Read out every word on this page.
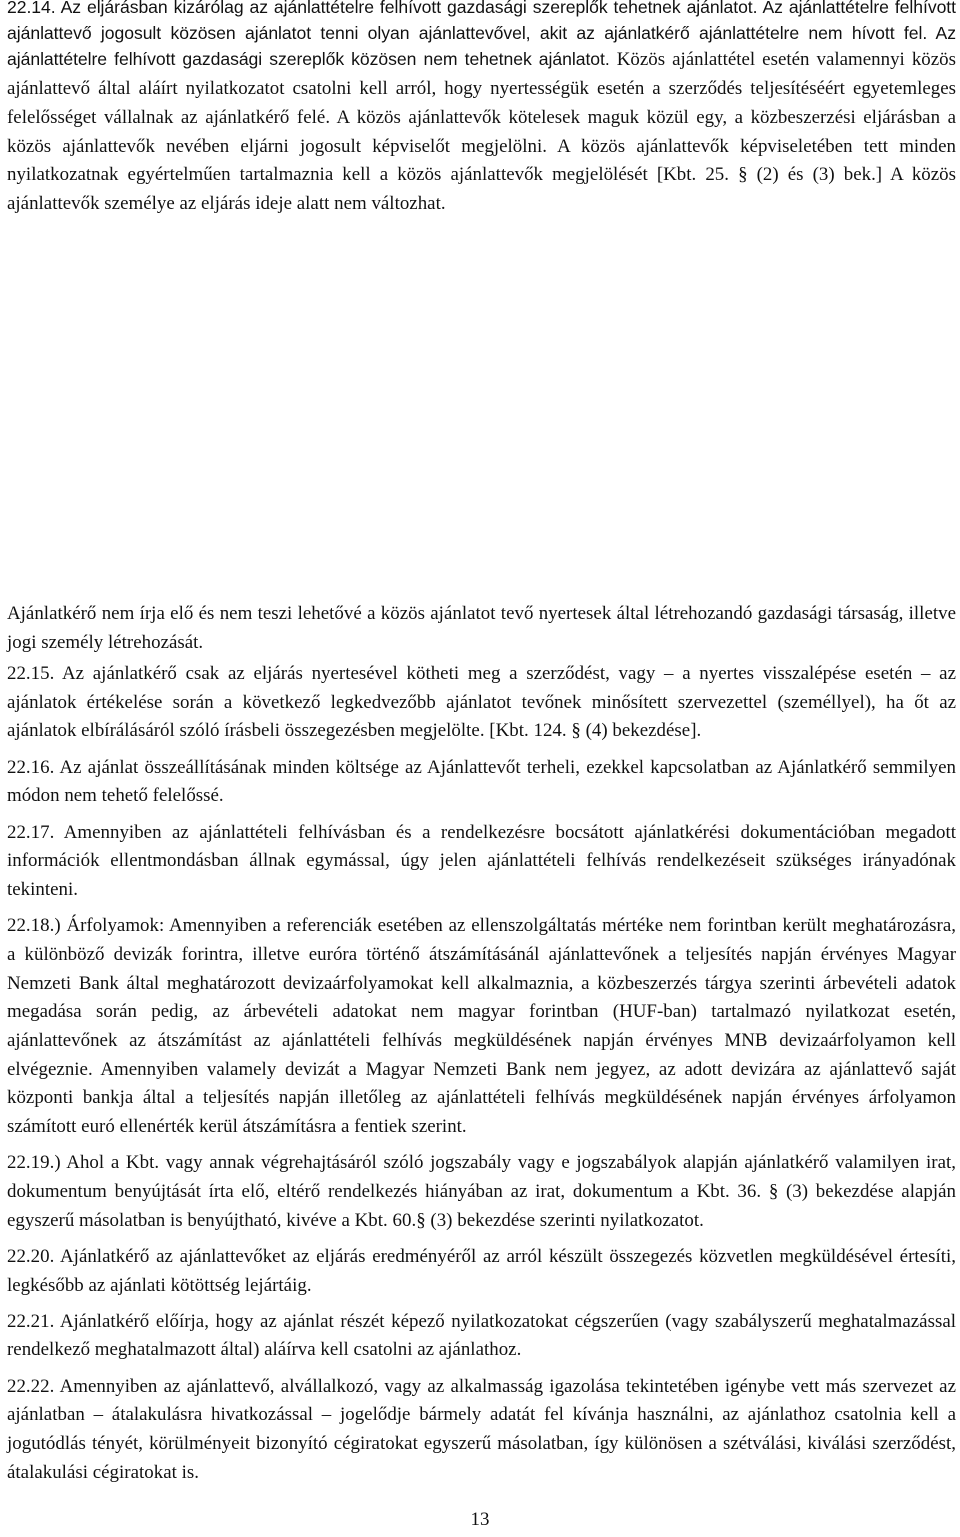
22.14. Az eljárásban kizárólag az ajánlattételre felhívott gazdasági szereplők tehetnek ajánlatot. Az ajánlattételre felhívott ajánlattevő jogosult közösen ajánlatot tenni olyan ajánlattevővel, akit az ajánlatkérő ajánlattételre nem hívott fel. Az ajánlattételre felhívott gazdasági szereplők közösen nem tehetnek ajánlatot. Közös ajánlattétel esetén valamennyi közös ajánlattevő által aláírt nyilatkozatot csatolni kell arról, hogy nyertességük esetén a szerződés teljesítéséért egyetemleges felelősséget vállalnak az ajánlatkérő felé. A közös ajánlattevők kötelesek maguk közül egy, a közbeszerzési eljárásban a közös ajánlattevők nevében eljárni jogosult képviselőt megjelölni. A közös ajánlattevők képviseletében tett minden nyilatkozatnak egyértelműen tartalmaznia kell a közös ajánlattevők megjelölését [Kbt. 25. § (2) és (3) bek.] A közös ajánlattevők személye az eljárás ideje alatt nem változhat.

Ajánlatkérő nem írja elő és nem teszi lehetővé a közös ajánlatot tevő nyertesek által létrehozandó gazdasági társaság, illetve jogi személy létrehozását.

22.15. Az ajánlatkérő csak az eljárás nyertesével kötheti meg a szerződést, vagy – a nyertes visszalépése esetén – az ajánlatok értékelése során a következő legkedvezőbb ajánlatot tevőnek minősített szervezettel (személlyel), ha őt az ajánlatok elbírálásáról szóló írásbeli összegezésben megjelölte. [Kbt. 124. § (4) bekezdése].

22.16. Az ajánlat összeállításának minden költsége az Ajánlattevőt terheli, ezekkel kapcsolatban az Ajánlatkérő semmilyen módon nem tehető felelőssé.

22.17. Amennyiben az ajánlattételi felhívásban és a rendelkezésre bocsátott ajánlatkérési dokumentációban megadott információk ellentmondásban állnak egymással, úgy jelen ajánlattételi felhívás rendelkezéseit szükséges irányadónak tekinteni.

22.18.) Árfolyamok: Amennyiben a referenciák esetében az ellenszolgáltatás mértéke nem forintban került meghatározásra, a különböző devizák forintra, illetve euróra történő átszámításánál ajánlattevőnek a teljesítés napján érvényes Magyar Nemzeti Bank által meghatározott devizaárfolyamokat kell alkalmaznia, a közbeszerzés tárgya szerinti árbevételi adatok megadása során pedig, az árbevételi adatokat nem magyar forintban (HUF-ban) tartalmazó nyilatkozat esetén, ajánlattevőnek az átszámítást az ajánlattételi felhívás megküldésének napján érvényes MNB devizaárfolyamon kell elvégeznie. Amennyiben valamely devizát a Magyar Nemzeti Bank nem jegyez, az adott devizára az ajánlattevő saját központi bankja által a teljesítés napján illetőleg az ajánlattételi felhívás megküldésének napján érvényes árfolyamon számított euró ellenérték kerül átszámításra a fentiek szerint.

22.19.) Ahol a Kbt. vagy annak végrehajtásáról szóló jogszabály vagy e jogszabályok alapján ajánlatkérő valamilyen irat, dokumentum benyújtását írta elő, eltérő rendelkezés hiányában az irat, dokumentum a Kbt. 36. § (3) bekezdése alapján egyszerű másolatban is benyújtható, kivéve a Kbt. 60.§ (3) bekezdése szerinti nyilatkozatot.

22.20. Ajánlatkérő az ajánlattevőket az eljárás eredményéről az arról készült összegezés közvetlen megküldésével értesíti, legkésőbb az ajánlati kötöttség lejártáig.

22.21. Ajánlatkérő előírja, hogy az ajánlat részét képező nyilatkozatokat cégszerűen (vagy szabályszerű meghatalmazással rendelkező meghatalmazott által) aláírva kell csatolni az ajánlathoz.

22.22. Amennyiben az ajánlattevő, alvállalkozó, vagy az alkalmasság igazolása tekintetében igénybe vett más szervezet az ajánlatban – átalakulásra hivatkozással – jogelődje bármely adatát fel kívánja használni, az ajánlathoz csatolnia kell a jogutódlás tényét, körülményeit bizonyító cégiratokat egyszerű másolatban, így különösen a szétválási, kiválási szerződést, átalakulási cégiratokat is.

13
